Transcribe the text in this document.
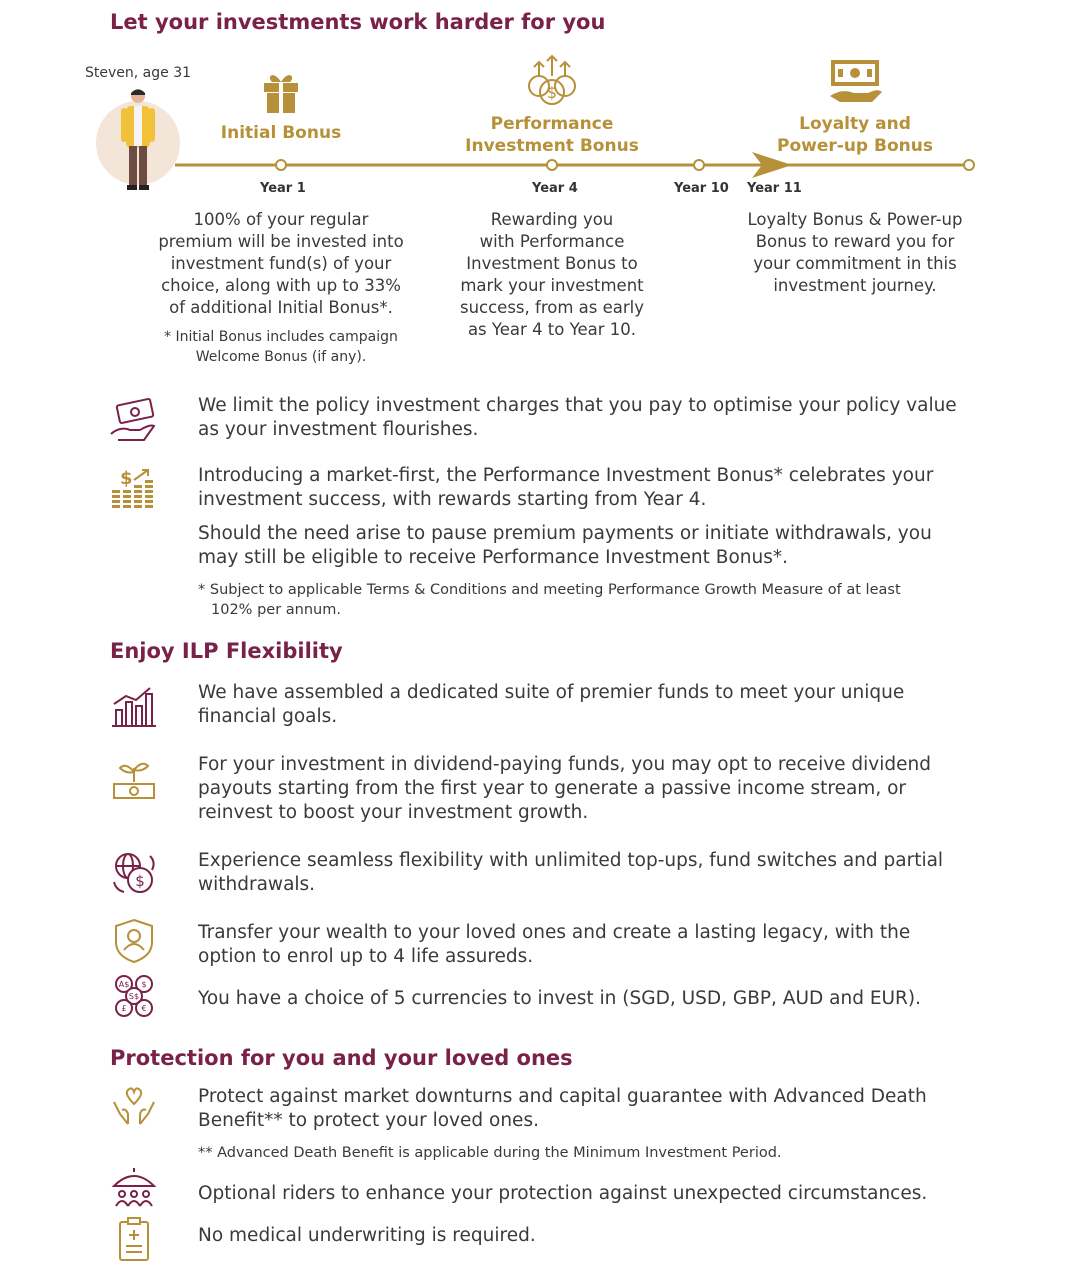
Let your investments work harder for you
Steven, age 31
$
Initial Bonus	Performance
Investment Bonus
Loyalty and
Power-up Bonus
Year 1	Year 4	Year 10 Year 11
100% of your regular
premium will be invested into
investment fund(s) of your
choice, along with up to 33%
of additional Initial Bonus*.
* Initial Bonus includes campaign
Welcome Bonus (if any).
Rewarding you
with Performance
Investment Bonus to
mark your investment
success, from as early
as Year 4 to Year 10.
Loyalty Bonus & Power-up
Bonus to reward you for
your commitment in this
investment journey.

We limit the policy investment charges that you pay to optimise your policy value as your investment flourishes.

$	Introducing a market-first, the Performance Investment Bonus* celebrates your investment success, with rewards starting from Year 4.

Should the need arise to pause premium payments or initiate withdrawals, you may still be eligible to receive Performance Investment Bonus*.

* Subject to applicable Terms & Conditions and meeting Performance Growth Measure of at least
102% per annum.
Enjoy ILP Flexibility

We have assembled a dedicated suite of premier funds to meet your unique financial goals.

For your investment in dividend-paying funds, you may opt to receive dividend payouts starting from the first year to generate a passive income stream, or reinvest to boost your investment growth.

$

Experience seamless flexibility with unlimited top-ups, fund switches and partial withdrawals.

Transfer your wealth to your loved ones and create a lasting legacy, with the option to enrol up to 4 life assureds.

A$ $
S$
£ €	You have a choice of 5 currencies to invest in (SGD, USD, GBP, AUD and EUR).

Protection for you and your loved ones

Protect against market downturns and capital guarantee with Advanced Death Benefit** to protect your loved ones.

** Advanced Death Benefit is applicable during the Minimum Investment Period.

Optional riders to enhance your protection against unexpected circumstances.

No medical underwriting is required.
